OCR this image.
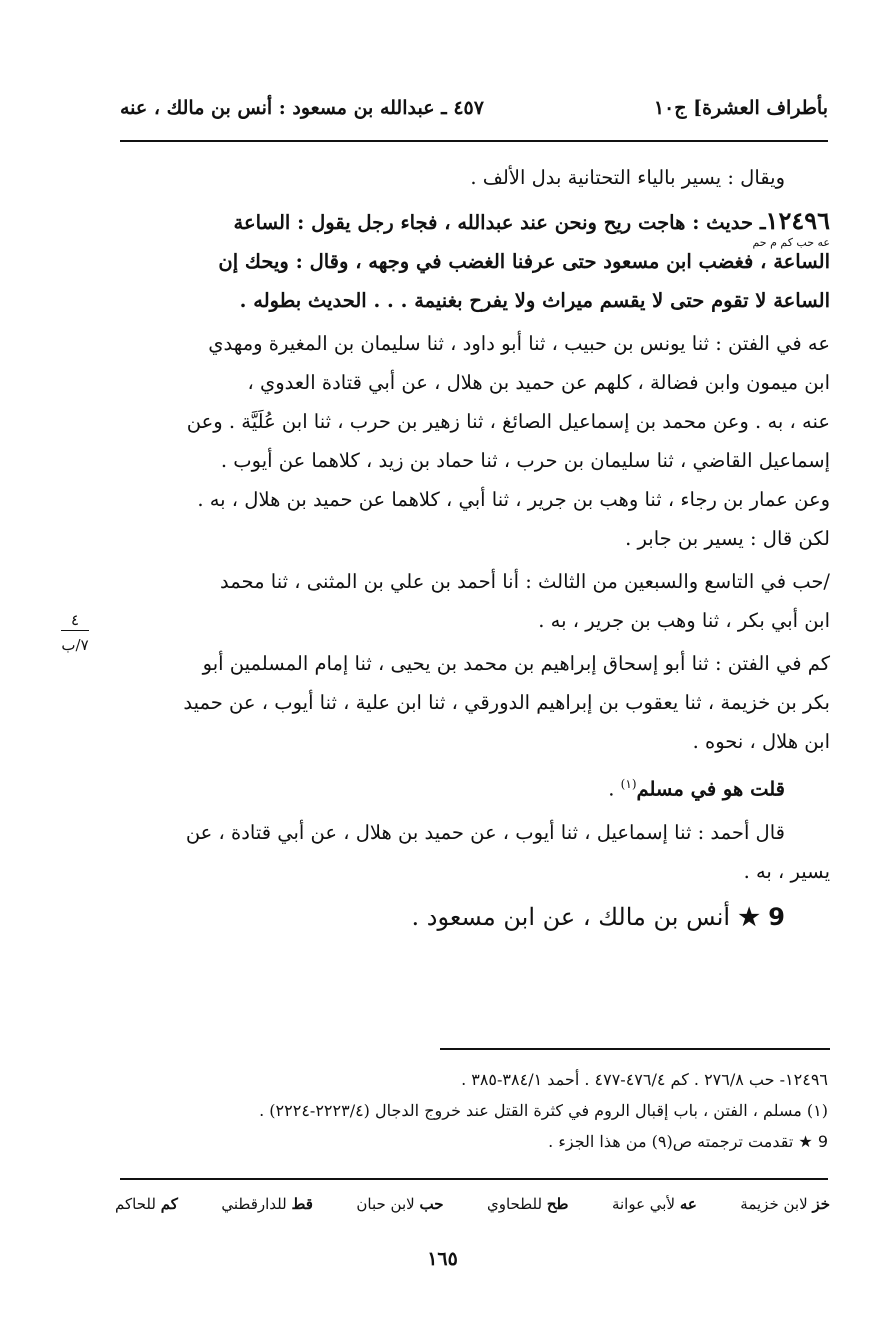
بأطراف العشرة] ج١٠
٤٥٧ ـ عبدالله بن مسعود : أنس بن مالك ، عنه

ويقال : يسير بالياء التحتانية بدل الألف .

١٢٤٩٦ـ حديث : هاجت ريح ونحن عند عبدالله ، فجاء رجل يقول : الساعة

عه حب كم م حم
الساعة ، فغضب ابن مسعود حتى عرفنا الغضب في وجهه ، وقال : ويحك إن

الساعة لا تقوم حتى لا يقسم ميراث ولا يفرح بغنيمة . . . الحديث بطوله .

عه في الفتن : ثنا يونس بن حبيب ، ثنا أبو داود ، ثنا سليمان بن المغيرة ومهدي

ابن ميمون وابن فضالة ، كلهم عن حميد بن هلال ، عن أبي قتادة العدوي ،

عنه ، به . وعن محمد بن إسماعيل الصائغ ، ثنا زهير بن حرب ، ثنا ابن عُلَيَّة . وعن

إسماعيل القاضي ، ثنا سليمان بن حرب ، ثنا حماد بن زيد ، كلاهما عن أيوب .

وعن عمار بن رجاء ، ثنا وهب بن جرير ، ثنا أبي ، كلاهما عن حميد بن هلال ، به .

لكن قال : يسير بن جابر .

/حب في التاسع والسبعين من الثالث : أنا أحمد بن علي بن المثنى ، ثنا محمد

ابن أبي بكر ، ثنا وهب بن جرير ، به .

كم في الفتن : ثنا أبو إسحاق إبراهيم بن محمد بن يحيى ، ثنا إمام المسلمين أبو

بكر بن خزيمة ، ثنا يعقوب بن إبراهيم الدورقي ، ثنا ابن علية ، ثنا أيوب ، عن حميد

ابن هلال ، نحوه .

قلت هو في مسلم$^{(١)}$ .

قال أحمد : ثنا إسماعيل ، ثنا أيوب ، عن حميد بن هلال ، عن أبي قتادة ، عن

يسير ، به .

9 ★ أنس بن مالك ، عن ابن مسعود .

٤
٧/ب

١٢٤٩٦- حب ٢٧٦/٨ . كم ٤٧٦/٤-٤٧٧ . أحمد ٣٨٤/١-٣٨٥ .

(١) مسلم ، الفتن ، باب إقبال الروم في كثرة القتل عند خروج الدجال (٢٢٢٣/٤-٢٢٢٤) .

9 ★ تقدمت ترجمته ص(٩) من هذا الجزء .

خز لابن خزيمة
عه لأبي عوانة
طح للطحاوي
حب لابن حبان
قط للدارقطني
كم للحاكم
١٦٥
